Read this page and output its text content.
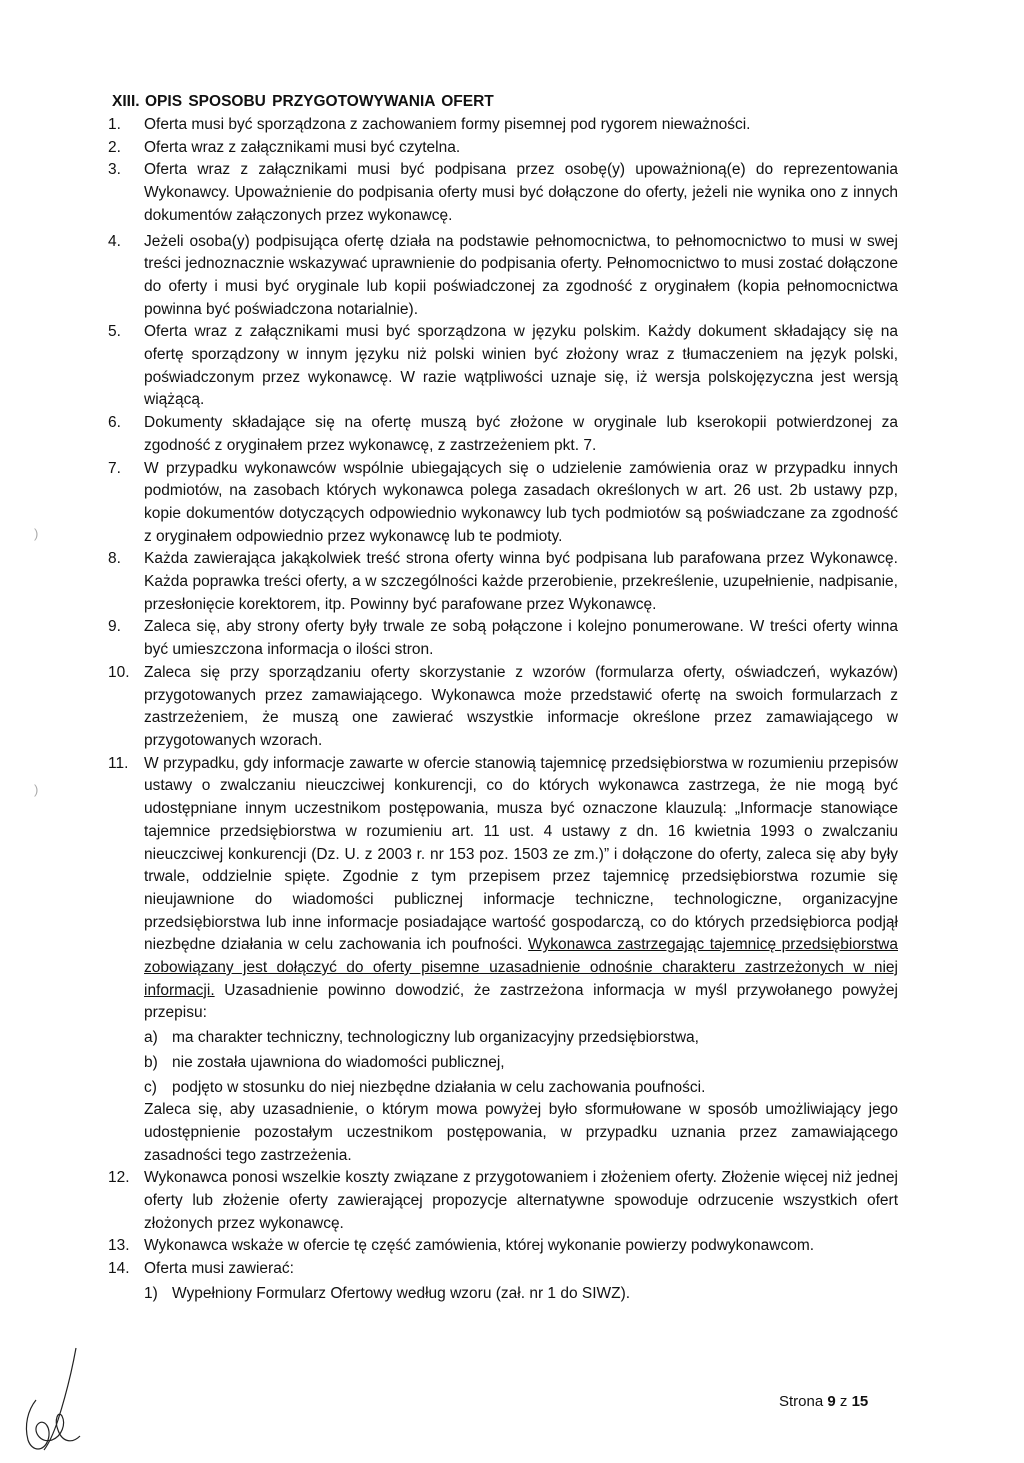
XIII. OPIS SPOSOBU PRZYGOTOWYWANIA OFERT
1.	Oferta musi być sporządzona z zachowaniem formy pisemnej pod rygorem nieważności.

2.	Oferta wraz z załącznikami musi być czytelna.

3.	Oferta wraz z załącznikami musi być podpisana przez osobę(y) upoważnioną(e) do reprezentowania Wykonawcy. Upoważnienie do podpisania oferty musi być dołączone do oferty, jeżeli nie wynika ono z innych dokumentów załączonych przez wykonawcę.

4.	Jeżeli osoba(y) podpisująca ofertę działa na podstawie pełnomocnictwa, to pełnomocnictwo to musi w swej treści jednoznacznie wskazywać uprawnienie do podpisania oferty. Pełnomocnictwo to musi zostać dołączone do oferty i musi być oryginale lub kopii poświadczonej za zgodność z oryginałem (kopia pełnomocnictwa powinna być poświadczona notarialnie).

5.	Oferta wraz z załącznikami musi być sporządzona w języku polskim. Każdy dokument składający się na ofertę sporządzony w innym języku niż polski winien być złożony wraz z tłumaczeniem na język polski, poświadczonym przez wykonawcę. W razie wątpliwości uznaje się, iż wersja polskojęzyczna jest wersją wiążącą.

6.	Dokumenty składające się na ofertę muszą być złożone w oryginale lub kserokopii potwierdzonej za zgodność z oryginałem przez wykonawcę, z zastrzeżeniem pkt. 7.

7.	W przypadku wykonawców wspólnie ubiegających się o udzielenie zamówienia oraz w przypadku innych podmiotów, na zasobach których wykonawca polega zasadach określonych w art. 26 ust. 2b ustawy pzp, kopie dokumentów dotyczących odpowiednio wykonawcy lub tych podmiotów są poświadczane za zgodność z oryginałem odpowiednio przez wykonawcę lub te podmioty.

8.	Każda zawierająca jakąkolwiek treść strona oferty winna być podpisana lub parafowana przez Wykonawcę. Każda poprawka treści oferty, a w szczególności każde przerobienie, przekreślenie, uzupełnienie, nadpisanie, przesłonięcie korektorem, itp. Powinny być parafowane przez Wykonawcę.

9.	Zaleca się, aby strony oferty były trwale ze sobą połączone i kolejno ponumerowane. W treści oferty winna być umieszczona informacja o ilości stron.

10. Zaleca się przy sporządzaniu oferty skorzystanie z wzorów (formularza oferty, oświadczeń, wykazów) przygotowanych przez zamawiającego. Wykonawca może przedstawić ofertę na swoich formularzach z zastrzeżeniem, że muszą one zawierać wszystkie informacje określone przez zamawiającego w przygotowanych wzorach.

11.	W przypadku, gdy informacje zawarte w ofercie stanowią tajemnicę przedsiębiorstwa w rozumieniu przepisów ustawy o zwalczaniu nieuczciwej konkurencji, co do których wykonawca zastrzega, że nie mogą być udostępniane innym uczestnikom postępowania, musza być oznaczone klauzulą: „Informacje stanowiące tajemnice przedsiębiorstwa w rozumieniu art. 11 ust. 4 ustawy z dn. 16 kwietnia 1993 o zwalczaniu nieuczciwej konkurencji (Dz. U. z 2003 r. nr 153 poz. 1503 ze zm.)” i dołączone do oferty, zaleca się aby były trwale, oddzielnie spięte. Zgodnie z tym przepisem przez tajemnicę przedsiębiorstwa rozumie się nieujawnione do wiadomości publicznej informacje techniczne, technologiczne, organizacyjne przedsiębiorstwa lub inne informacje posiadające wartość gospodarczą, co do których przedsiębiorca podjął niezbędne działania w celu zachowania ich poufności. Wykonawca zastrzegając tajemnicę przedsiębiorstwa zobowiązany jest dołączyć do oferty pisemne uzasadnienie odnośnie charakteru zastrzeżonych w niej informacji. Uzasadnienie powinno dowodzić, że zastrzeżona informacja w myśl przywołanego powyżej przepisu:

a) ma charakter techniczny, technologiczny lub organizacyjny przedsiębiorstwa,
b) nie została ujawniona do wiadomości publicznej,
c) podjęto w stosunku do niej niezbędne działania w celu zachowania poufności.

Zaleca się, aby uzasadnienie, o którym mowa powyżej było sformułowane w sposób umożliwiający jego udostępnienie pozostałym uczestnikom postępowania, w przypadku uznania przez zamawiającego zasadności tego zastrzeżenia.

12. Wykonawca ponosi wszelkie koszty związane z przygotowaniem i złożeniem oferty. Złożenie więcej niż jednej oferty lub złożenie oferty zawierającej propozycje alternatywne spowoduje odrzucenie wszystkich ofert złożonych przez wykonawcę.

13. Wykonawca wskaże w ofercie tę część zamówienia, której wykonanie powierzy podwykonawcom.

14. Oferta musi zawierać:

1) Wypełniony Formularz Ofertowy według wzoru (zał. nr 1 do SIWZ).
Strona 9 z 15
)
)
